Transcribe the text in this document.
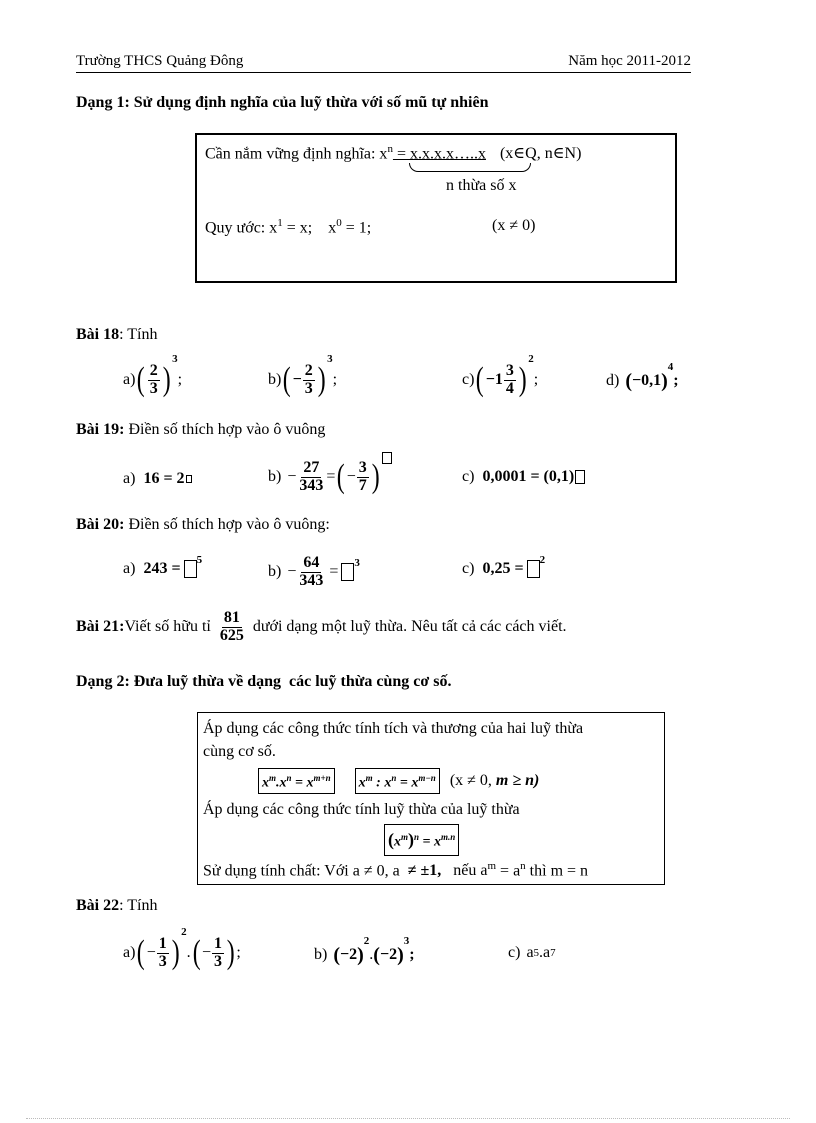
Trường THCS Quảng Đông	Năm học 2011-2012
Dạng 1: Sử dụng định nghĩa của luỹ thừa với số mũ tự nhiên
Cần nắm vững định nghĩa: $x^n$ = x.x.x.x…..x (x∈Q, n∈N)
n thừa số x
Quy ước: $x^1 = x$;    $x^0 = 1$;	(x ≠ 0)
Bài 18: Tính
a) ( $\frac{2}{3}$ )
3
;	b) ( − $\frac{2}{3}$ )
3
;	c) ( $-1 \frac{3}{4}$ )
2
;	d) ( −0,1 )
4
;
Bài 19: Điền số thích hợp vào ô vuông
a) 16 = 2	$b) - \frac{27}{343}$ = ( − $\frac{3}{7}$ )	c) 0,0001 = (0,1)
Bài 20: Điền số thích hợp vào ô vuông:
a) 243 = 5
$b) - \frac{64}{343} = 3$	c) 0,25 = 2
Bài 21: Viết số hữu tỉ $\frac{81}{625}$ dưới dạng một luỹ thừa. Nêu tất cả các cách viết.
Dạng 2: Đưa luỹ thừa về dạng  các luỹ thừa cùng cơ số.
Áp dụng các công thức tính tích và thương của hai luỹ thừa
cùng cơ số.
$x^m.x^n = x^{m+n}$ $x^m$ : $x^n = x^{m-n}$ (x ≠ 0, m ≥ n)
Áp dụng các công thức tính luỹ thừa của luỹ thừa
$(x^m)^n = x^{m.n}$
Sử dụng tính chất: Với a ≠ 0, a ≠ ±1, nếu $a^m = a^n$ thì m = n
Bài 22: Tính
a) ( − $\frac{1}{3}$ )
2
. ( − $\frac{1}{3}$ ) ;	b) ( −2 )
2
. ( −2 )
3
;	c) a 5 .a 7
